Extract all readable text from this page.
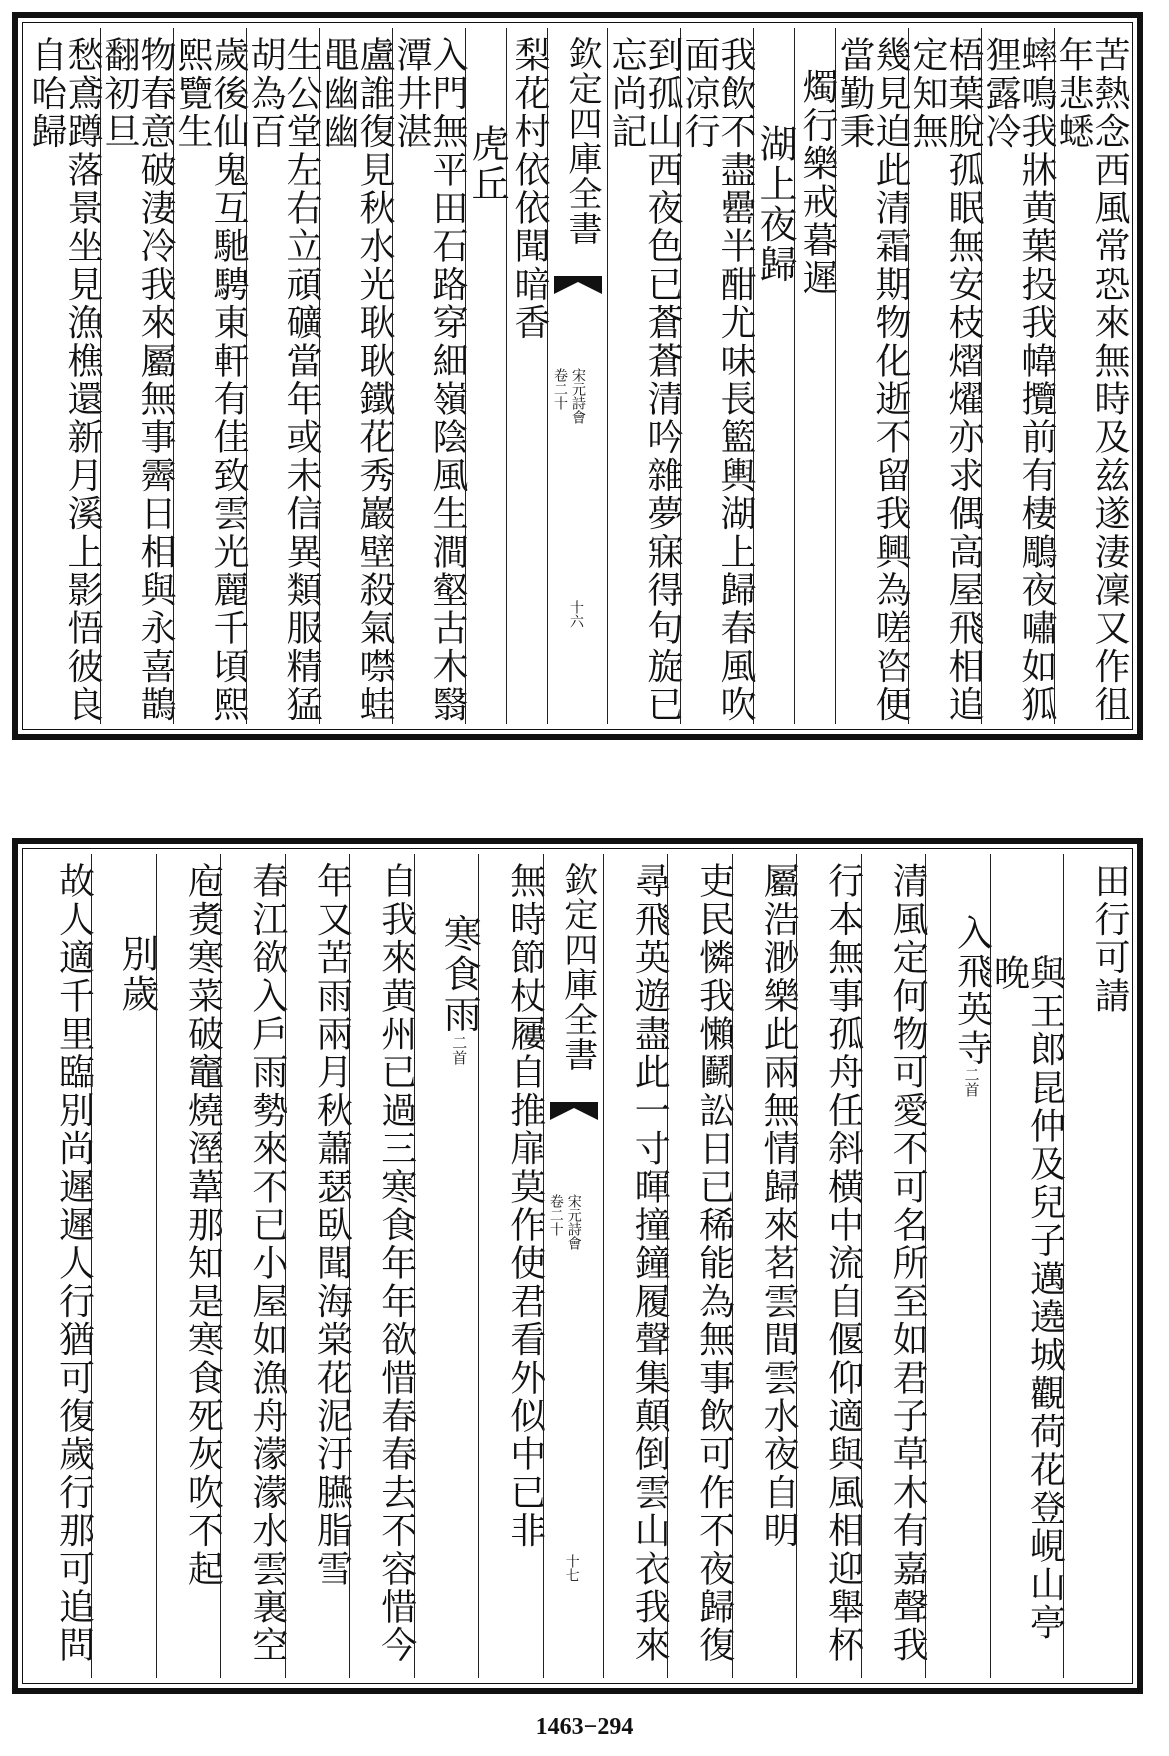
苦熱念西風常恐來無時及兹遂淒凜又作徂年悲蟋
蟀鳴我牀黄葉投我幃攬前有棲鵰夜嘯如狐狸露冷
梧葉脫孤眠無安枝熠燿亦求偶高屋飛相追定知無
幾見迫此清霜期物化逝不留我興為嗟咨便當勤秉
燭行樂戒暮遲
湖上夜歸
我飲不盡罍半酣尤味長籃輿湖上歸春風吹面凉行
到孤山西夜色已蒼蒼清吟雜夢寐得句旋已忘尚記
欽定四庫全書
宋元詩會
卷二十
十六
梨花村依依聞暗香
虎丘
入門無平田石路穿細嶺陰風生澗壑古木翳潭井湛
盧誰復見秋水光耿耿鐵花秀巖壁殺氣噤蛙黽幽幽
生公堂左右立頑礦當年或未信異類服精猛胡為百
歲後仙鬼互馳騁東軒有佳致雲光麗千頃熙熙覽生
物春意破淒冷我來屬無事霽日相與永喜鵲翻初旦
愁鳶蹲落景坐見漁樵還新月溪上影悟彼良自咍歸
田行可請
與王郎昆仲及兒子邁遶城觀荷花登峴山亭晚
入飛英寺二首
清風定何物可愛不可名所至如君子草木有嘉聲我
行本無事孤舟任斜横中流自偃仰適與風相迎舉杯
屬浩渺樂此兩無情歸來茗雲間雲水夜自明
吏民憐我懶鬬訟日已稀能為無事飲可作不夜歸復
尋飛英遊盡此一寸暉撞鐘履聲集顛倒雲山衣我來
欽定四庫全書
宋元詩會
卷二十
十七
無時節杖屨自推扉莫作使君看外似中已非
寒食雨二首
自我來黄州已過三寒食年年欲惜春春去不容惜今
年又苦雨兩月秋蕭瑟臥聞海棠花泥汙臙脂雪
春江欲入戶雨勢來不已小屋如漁舟濛濛水雲裏空
庖煑寒菜破竈燒溼葦那知是寒食死灰吹不起
別歲
故人適千里臨別尚遲遲人行猶可復歲行那可追問
1463−294
